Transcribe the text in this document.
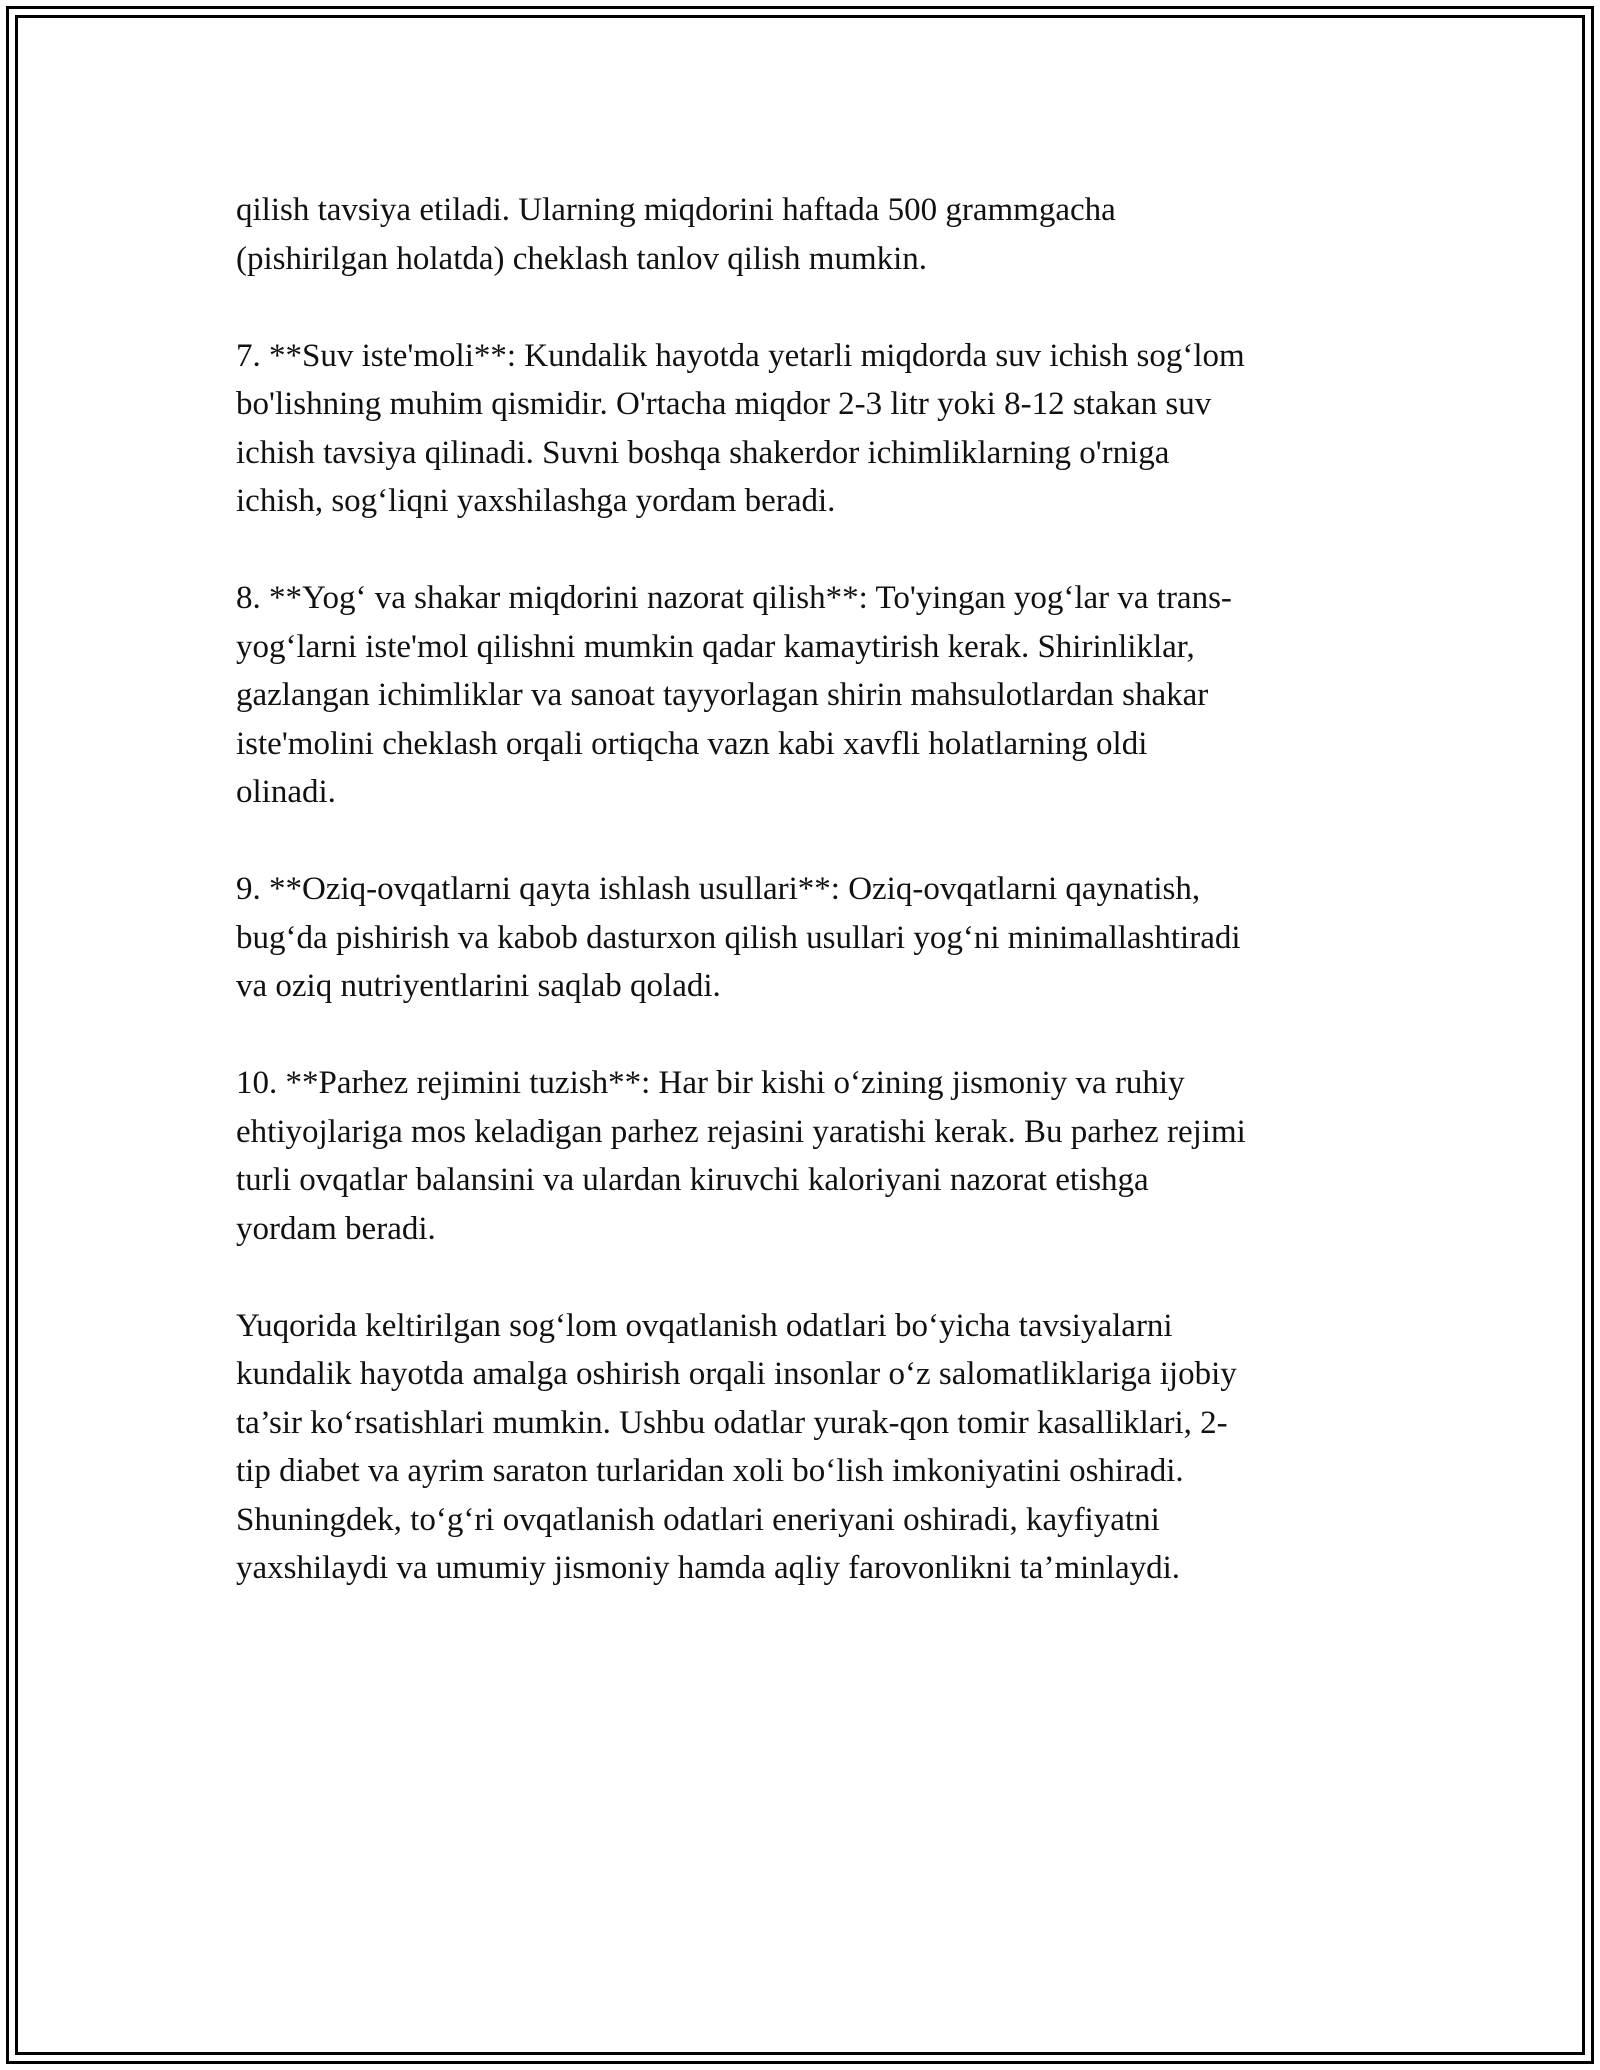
qilish tavsiya etiladi. Ularning miqdorini haftada 500 grammgacha
(pishirilgan holatda) cheklash tanlov qilish mumkin.

7. **Suv iste'moli**: Kundalik hayotda yetarli miqdorda suv ichish sog‘lom
bo'lishning muhim qismidir. O'rtacha miqdor 2-3 litr yoki 8-12 stakan suv
ichish tavsiya qilinadi. Suvni boshqa shakerdor ichimliklarning o'rniga
ichish, sog‘liqni yaxshilashga yordam beradi.

8. **Yog‘ va shakar miqdorini nazorat qilish**: To'yingan yog‘lar va trans-
yog‘larni iste'mol qilishni mumkin qadar kamaytirish kerak. Shirinliklar,
gazlangan ichimliklar va sanoat tayyorlagan shirin mahsulotlardan shakar
iste'molini cheklash orqali ortiqcha vazn kabi xavfli holatlarning oldi
olinadi.

9. **Oziq-ovqatlarni qayta ishlash usullari**: Oziq-ovqatlarni qaynatish,
bug‘da pishirish va kabob dasturxon qilish usullari yog‘ni minimallashtiradi
va oziq nutriyentlarini saqlab qoladi.

10. **Parhez rejimini tuzish**: Har bir kishi o‘zining jismoniy va ruhiy
ehtiyojlariga mos keladigan parhez rejasini yaratishi kerak. Bu parhez rejimi
turli ovqatlar balansini va ulardan kiruvchi kaloriyani nazorat etishga
yordam beradi.

Yuqorida keltirilgan sog‘lom ovqatlanish odatlari bo‘yicha tavsiyalarni
kundalik hayotda amalga oshirish orqali insonlar o‘z salomatliklariga ijobiy
ta’sir ko‘rsatishlari mumkin. Ushbu odatlar yurak-qon tomir kasalliklari, 2-
tip diabet va ayrim saraton turlaridan xoli bo‘lish imkoniyatini oshiradi.
Shuningdek, to‘g‘ri ovqatlanish odatlari eneriyani oshiradi, kayfiyatni
yaxshilaydi va umumiy jismoniy hamda aqliy farovonlikni ta’minlaydi.
